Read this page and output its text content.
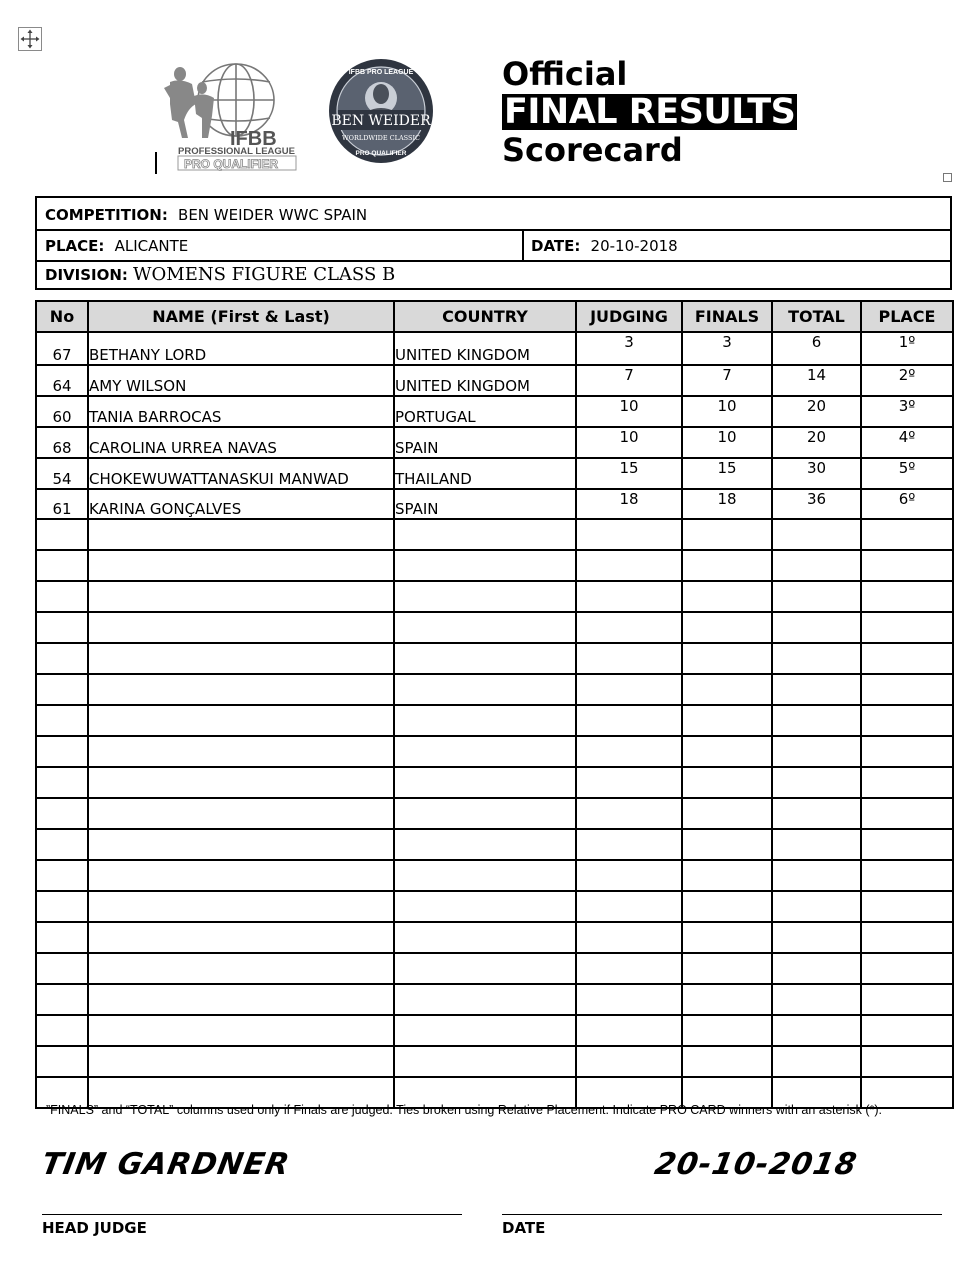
IFBB
PROFESSIONAL LEAGUE
PRO QUALIFIER
BEN WEIDER
WORLDWIDE CLASSIC
IFBB PRO LEAGUE
PRO QUALIFIER
Official
FINAL RESULTS
Scorecard
COMPETITION: BEN WEIDER WWC SPAIN
PLACE: ALICANTE	DATE: 20-10-2018
DIVISION: WOMENS FIGURE CLASS B
No	NAME (First & Last)	COUNTRY	JUDGING	FINALS	TOTAL	PLACE
67	BETHANY LORD	UNITED KINGDOM	3	3	6	1º
64	AMY WILSON	UNITED KINGDOM	7	7	14	2º
60	TANIA BARROCAS	PORTUGAL	10	10	20	3º
68	CAROLINA URREA NAVAS	SPAIN	10	10	20	4º
54	CHOKEWUWATTANASKUI MANWAD	THAILAND	15	15	30	5º
61	KARINA GONÇALVES	SPAIN	18	18	36	6º

”FINALS” and “TOTAL” columns used only if Finals are judged. Ties broken using Relative Placement. Indicate PRO CARD winners with an asterisk (*).
TIM GARDNER	20-10-2018
HEAD JUDGE	DATE
